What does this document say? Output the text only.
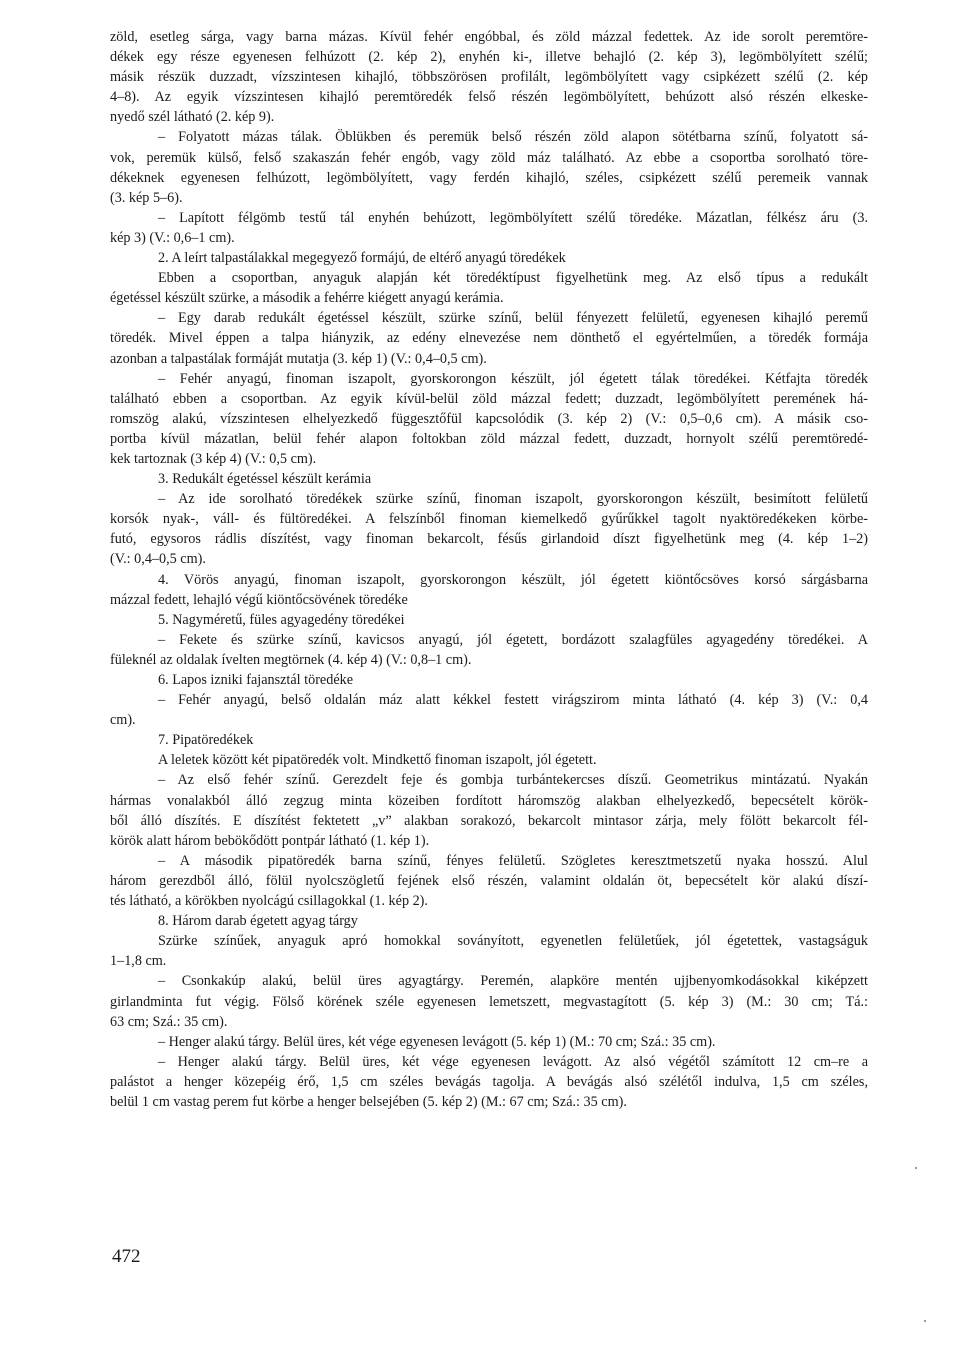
zöld, esetleg sárga, vagy barna mázas. Kívül fehér engóbbal, és zöld mázzal fedettek. Az ide sorolt peremtöre-
dékek egy része egyenesen felhúzott (2. kép 2), enyhén ki-, illetve behajló (2. kép 3), legömbölyített szélű;
másik részük duzzadt, vízszintesen kihajló, többszörösen profilált, legömbölyített vagy csipkézett szélű (2. kép
4–8). Az egyik vízszintesen kihajló peremtöredék felső részén legömbölyített, behúzott alsó részén elkeske-
nyedő szél látható (2. kép 9).
– Folyatott mázas tálak. Öblükben és peremük belső részén zöld alapon sötétbarna színű, folyatott sá-
vok, peremük külső, felső szakaszán fehér engób, vagy zöld máz található. Az ebbe a csoportba sorolható töre-
dékeknek egyenesen felhúzott, legömbölyített, vagy ferdén kihajló, széles, csipkézett szélű peremeik vannak
(3. kép 5–6).
– Lapított félgömb testű tál enyhén behúzott, legömbölyített szélű töredéke. Mázatlan, félkész áru (3.
kép 3) (V.: 0,6–1 cm).
2. A leírt talpastálakkal megegyező formájú, de eltérő anyagú töredékek
Ebben a csoportban, anyaguk alapján két töredéktípust figyelhetünk meg. Az első típus a redukált
égetéssel készült szürke, a második a fehérre kiégett anyagú kerámia.
– Egy darab redukált égetéssel készült, szürke színű, belül fényezett felületű, egyenesen kihajló peremű
töredék. Mivel éppen a talpa hiányzik, az edény elnevezése nem dönthető el egyértelműen, a töredék formája
azonban a talpastálak formáját mutatja (3. kép 1) (V.: 0,4–0,5 cm).
– Fehér anyagú, finoman iszapolt, gyorskorongon készült, jól égetett tálak töredékei. Kétfajta töredék
található ebben a csoportban. Az egyik kívül-belül zöld mázzal fedett; duzzadt, legömbölyített peremének há-
romszög alakú, vízszintesen elhelyezkedő függesztőfül kapcsolódik (3. kép 2) (V.: 0,5–0,6 cm). A másik cso-
portba kívül mázatlan, belül fehér alapon foltokban zöld mázzal fedett, duzzadt, hornyolt szélű peremtöredé-
kek tartoznak (3 kép 4) (V.: 0,5 cm).
3. Redukált égetéssel készült kerámia
– Az ide sorolható töredékek szürke színű, finoman iszapolt, gyorskorongon készült, besimított felületű
korsók nyak-, váll- és fültöredékei. A felszínből finoman kiemelkedő gyűrűkkel tagolt nyaktöredékeken körbe-
futó, egysoros rádlis díszítést, vagy finoman bekarcolt, fésűs girlandoid díszt figyelhetünk meg (4. kép 1–2)
(V.: 0,4–0,5 cm).
4. Vörös anyagú, finoman iszapolt, gyorskorongon készült, jól égetett kiöntőcsöves korsó sárgásbarna
mázzal fedett, lehajló végű kiöntőcsövének töredéke
5. Nagyméretű, füles agyagedény töredékei
– Fekete és szürke színű, kavicsos anyagú, jól égetett, bordázott szalagfüles agyagedény töredékei. A
füleknél az oldalak ívelten megtörnek (4. kép 4) (V.: 0,8–1 cm).
6. Lapos izniki fajansztál töredéke
– Fehér anyagú, belső oldalán máz alatt kékkel festett virágszirom minta látható (4. kép 3) (V.: 0,4
cm).
7. Pipatöredékek
A leletek között két pipatöredék volt. Mindkettő finoman iszapolt, jól égetett.
– Az első fehér színű. Gerezdelt feje és gombja turbántekercses díszű. Geometrikus mintázatú. Nyakán
hármas vonalakból álló zegzug minta közeiben fordított háromszög alakban elhelyezkedő, bepecsételt körök-
ből álló díszítés. E díszítést fektetett „v” alakban sorakozó, bekarcolt mintasor zárja, mely fölött bekarcolt fél-
körök alatt három bebökődött pontpár látható (1. kép 1).
– A második pipatöredék barna színű, fényes felületű. Szögletes keresztmetszetű nyaka hosszú. Alul
három gerezdből álló, fölül nyolcszögletű fejének első részén, valamint oldalán öt, bepecsételt kör alakú díszí-
tés látható, a körökben nyolcágú csillagokkal (1. kép 2).
8. Három darab égetett agyag tárgy
Szürke színűek, anyaguk apró homokkal soványított, egyenetlen felületűek, jól égetettek, vastagságuk
1–1,8 cm.
– Csonkakúp alakú, belül üres agyagtárgy. Peremén, alapköre mentén ujjbenyomkodásokkal kiképzett
girlandminta fut végig. Fölső körének széle egyenesen lemetszett, megvastagított (5. kép 3) (M.: 30 cm; Tá.:
63 cm; Szá.: 35 cm).
– Henger alakú tárgy. Belül üres, két vége egyenesen levágott (5. kép 1) (M.: 70 cm; Szá.: 35 cm).
– Henger alakú tárgy. Belül üres, két vége egyenesen levágott. Az alsó végétől számított 12 cm–re a
palástot a henger közepéig érő, 1,5 cm széles bevágás tagolja. A bevágás alsó szélétől indulva, 1,5 cm széles,
belül 1 cm vastag perem fut körbe a henger belsejében (5. kép 2) (M.: 67 cm; Szá.: 35 cm).
472
